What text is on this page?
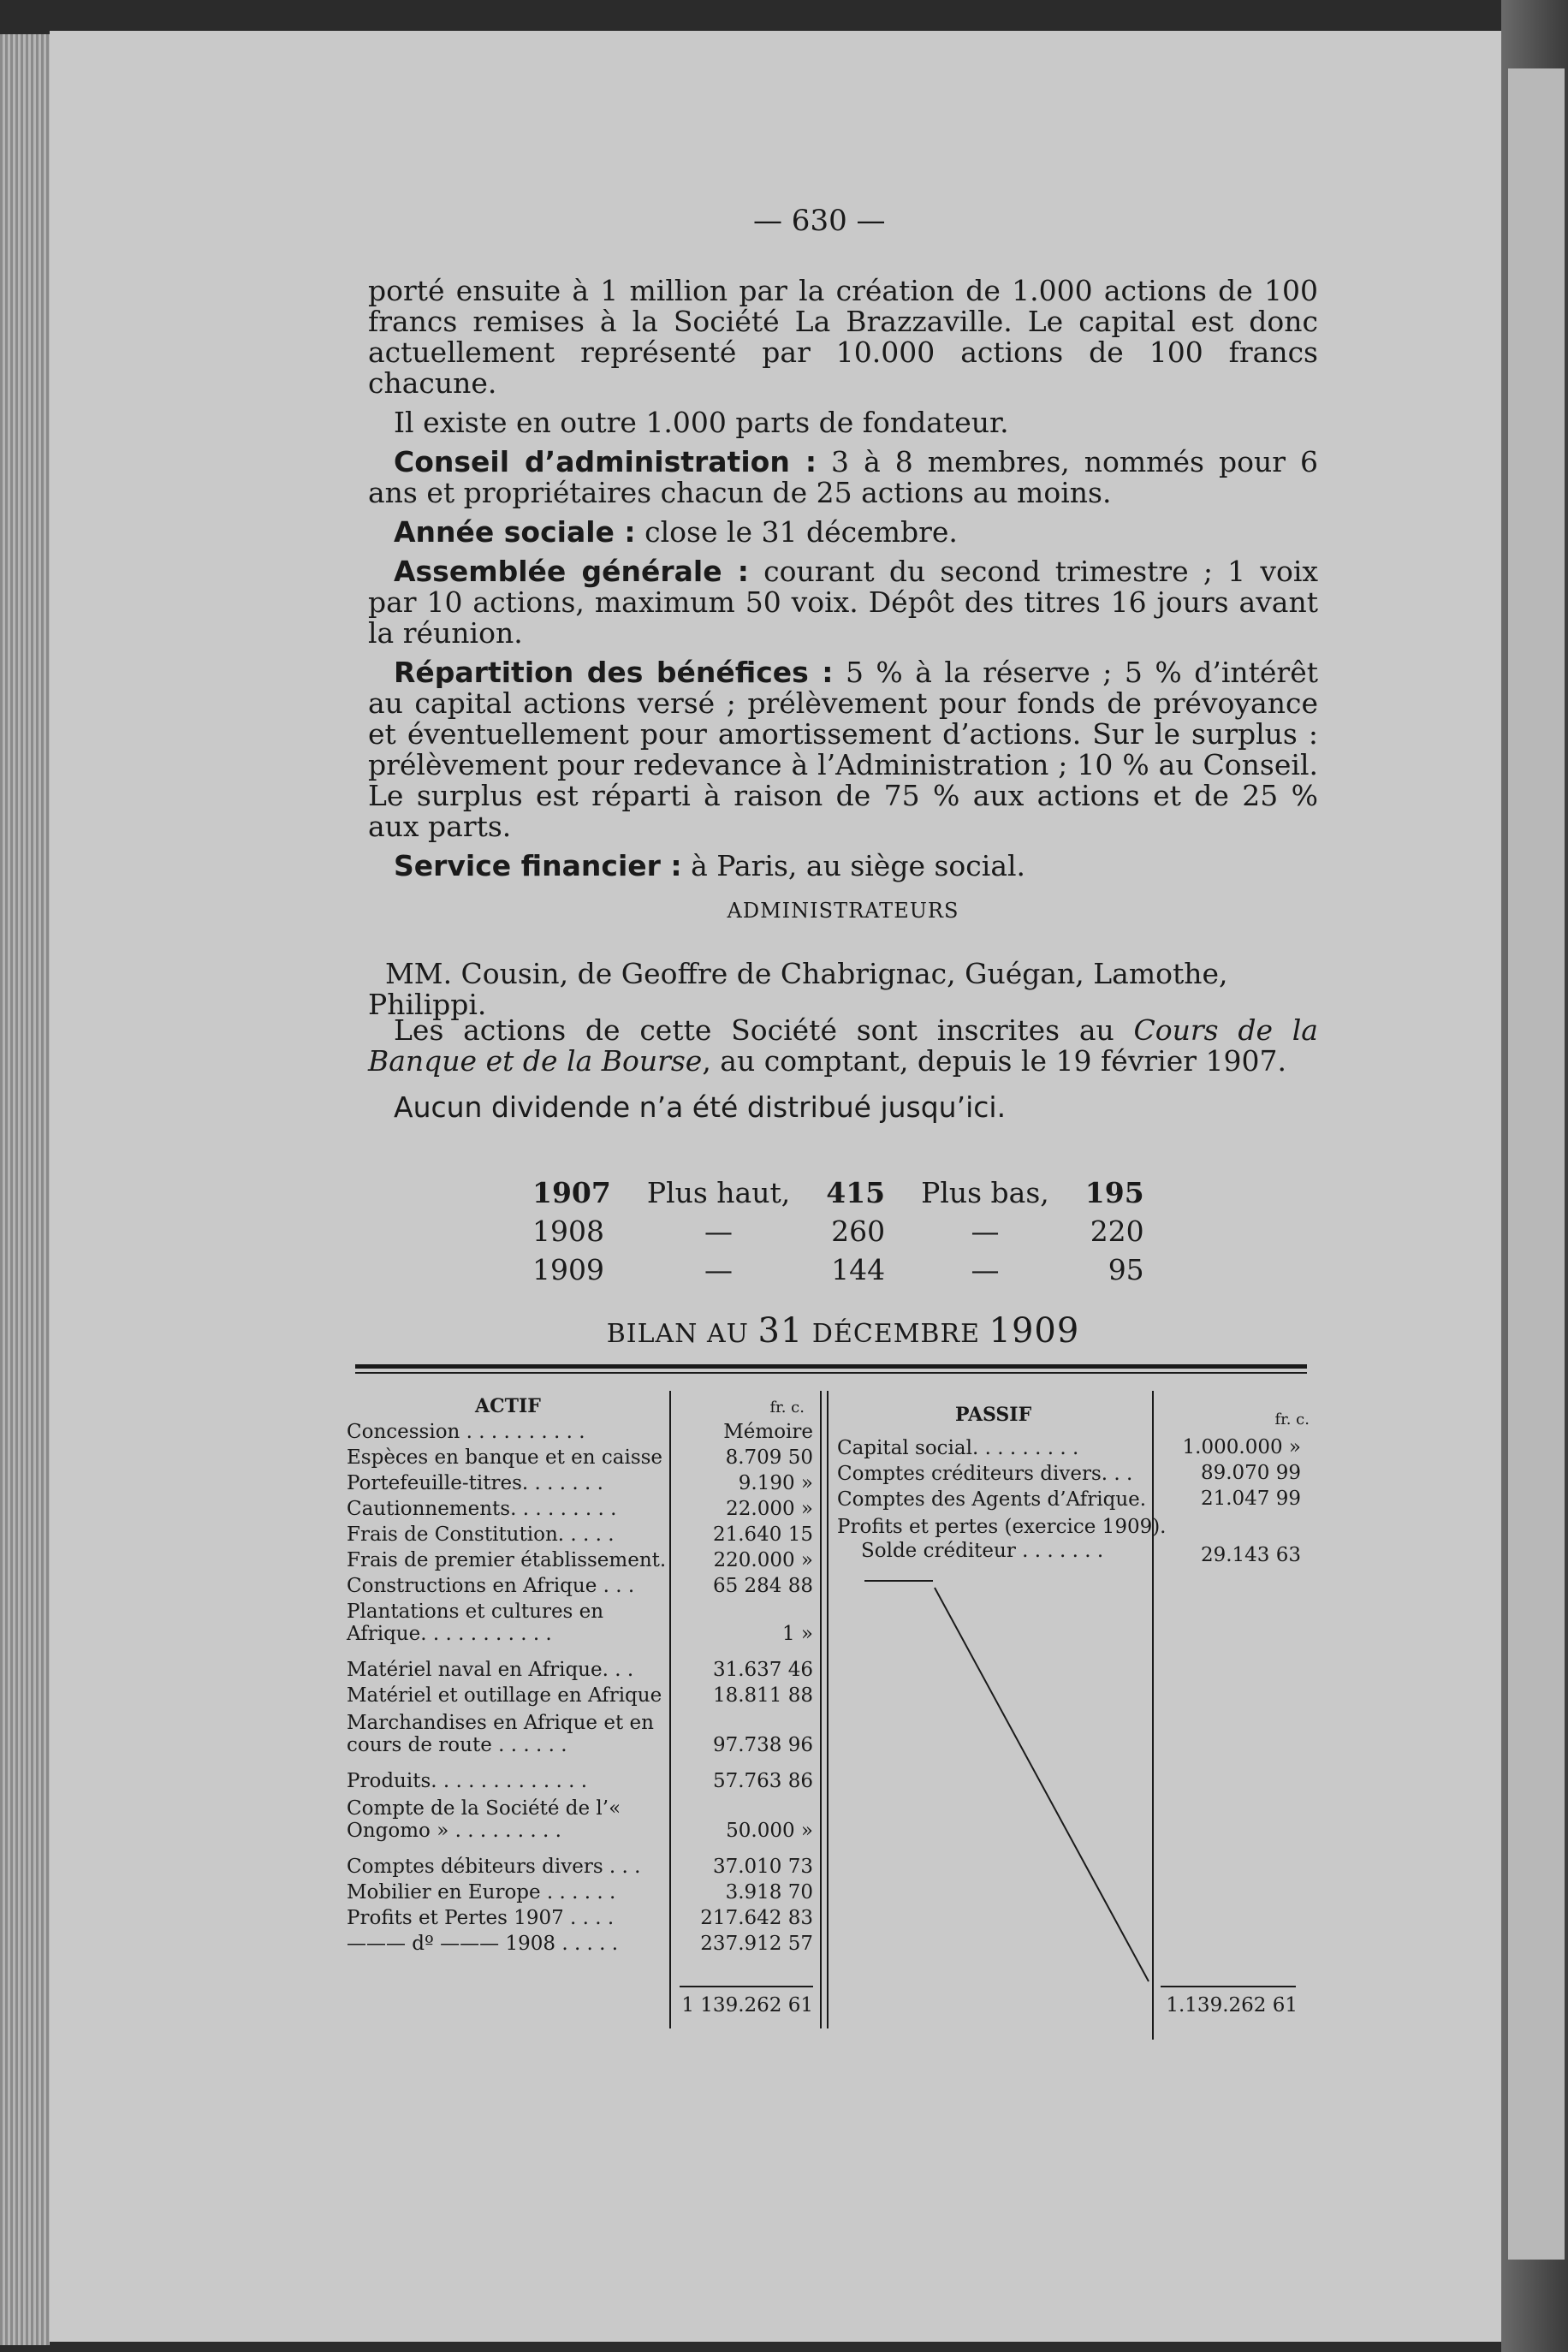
— 630 —

porté ensuite à 1 million par la création de 1.000 actions de 100 francs remises à la Société La Brazzaville. Le capital est donc actuellement représenté par 10.000 actions de 100 francs chacune.

Il existe en outre 1.000 parts de fondateur.

Conseil d’administration : 3 à 8 membres, nommés pour 6 ans et propriétaires chacun de 25 actions au moins.

Année sociale : close le 31 décembre.

Assemblée générale : courant du second trimestre ; 1 voix par 10 actions, maximum 50 voix. Dépôt des titres 16 jours avant la réunion.

Répartition des bénéfices : 5 % à la réserve ; 5 % d’intérêt au capital actions versé ; prélèvement pour fonds de prévoyance et éventuellement pour amortissement d’actions. Sur le surplus : prélèvement pour redevance à l’Administration ; 10 % au Conseil. Le surplus est réparti à raison de 75 % aux actions et de 25 % aux parts.

Service financier : à Paris, au siège social.

ADMINISTRATEURS
MM. Cousin, de Geoffre de Chabrignac, Guégan, Lamothe, Philippi.

Les actions de cette Société sont inscrites au Cours de la Banque et de la Bourse, au comptant, depuis le 19 février 1907.

Aucun dividende n’a été distribué jusqu’ici.

1907	Plus haut,	415	Plus bas,	195
1908	—	260	—	220
1909	—	144	—	95
BILAN AU 31 DÉCEMBRE 1909
ACTIF	PASSIF
fr. c.
fr. c.
Concession . . . . . . . . . .	Mémoire
Espèces en banque et en caisse	8.709 50
Portefeuille-titres. . . . . . .	9.190 »
Cautionnements. . . . . . . . .	22.000 »
Frais de Constitution. . . . .	21.640 15
Frais de premier établissement.	220.000 »
Constructions en Afrique . . .	65 284 88
Plantations et cultures en Afrique. . . . . . . . . . .	1 »
Matériel naval en Afrique. . .	31.637 46
Matériel et outillage en Afrique	18.811 88
Marchandises en Afrique et en cours de route . . . . . .	97.738 96
Produits. . . . . . . . . . . . .	57.763 86
Compte de la Société de l’« Ongomo » . . . . . . . . .	50.000 »
Comptes débiteurs divers . . .	37.010 73
Mobilier en Europe . . . . . .	3.918 70
Profits et Pertes 1907 . . . .	217.642 83
——— dº ——— 1908 . . . . .	237.912 57
Capital social. . . . . . . . .	1.000.000 »
Comptes créditeurs divers. . .	89.070 99
Comptes des Agents d’Afrique.	21.047 99
Profits et pertes (exercice 1909).
Solde créditeur . . . . . . .	29.143 63
1 139.262 61	1.139.262 61
